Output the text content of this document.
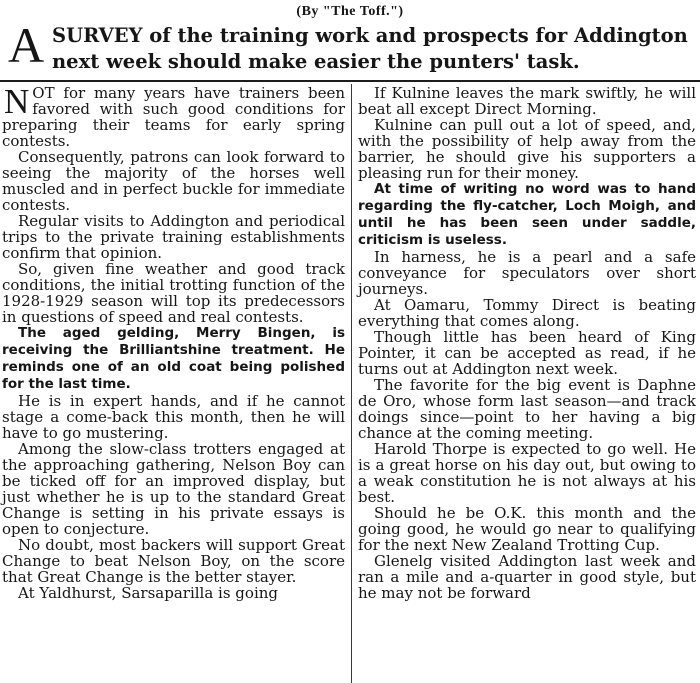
(By "The Toff.")
A SURVEY of the training work and prospects for Addington
next week should make easier the punters' task.

NOT for many years have trainers been favored with such good conditions for preparing their teams for early spring contests.

Consequently, patrons can look forward to seeing the majority of the horses well muscled and in perfect buckle for immediate contests.

Regular visits to Addington and periodical trips to the private training establishments confirm that opinion.

So, given fine weather and good track conditions, the initial trotting function of the 1928-1929 season will top its predecessors in questions of speed and real contests.

The aged gelding, Merry Bingen, is receiving the Brilliantshine treatment. He reminds one of an old coat being polished for the last time.

He is in expert hands, and if he cannot stage a come-back this month, then he will have to go mustering.

Among the slow-class trotters engaged at the approaching gathering, Nelson Boy can be ticked off for an improved display, but just whether he is up to the standard Great Change is setting in his private essays is open to conjecture.

No doubt, most backers will support Great Change to beat Nelson Boy, on the score that Great Change is the better stayer.

At Yaldhurst, Sarsaparilla is going

If Kulnine leaves the mark swiftly, he will beat all except Direct Morning.

Kulnine can pull out a lot of speed, and, with the possibility of help away from the barrier, he should give his supporters a pleasing run for their money.

At time of writing no word was to hand regarding the fly-catcher, Loch Moigh, and until he has been seen under saddle, criticism is useless.

In harness, he is a pearl and a safe conveyance for speculators over short journeys.

At Oamaru, Tommy Direct is beating everything that comes along.

Though little has been heard of King Pointer, it can be accepted as read, if he turns out at Addington next week.

The favorite for the big event is Daphne de Oro, whose form last season—and track doings since—point to her having a big chance at the coming meeting.

Harold Thorpe is expected to go well. He is a great horse on his day out, but owing to a weak constitution he is not always at his best.

Should he be O.K. this month and the going good, he would go near to qualifying for the next New Zealand Trotting Cup.

Glenelg visited Addington last week and ran a mile and a-quarter in good style, but he may not be forward
